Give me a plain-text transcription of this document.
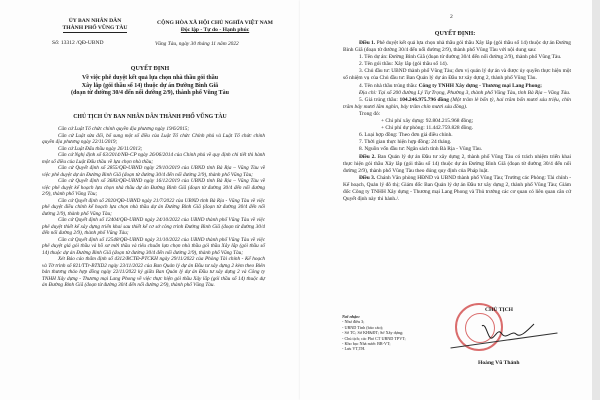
ỦY BAN NHÂN DÂN
THÀNH PHỐ VŨNG TÀU
Số: 13312 /QĐ-UBND
CỘNG HÒA XÃ HỘI CHỦ NGHĨA VIỆT NAM
Độc lập - Tự do - Hạnh phúc
Vũng Tàu, ngày 30 tháng 11 năm 2022
QUYẾT ĐỊNH
Về việc phê duyệt kết quả lựa chọn nhà thầu gói thầu
Xây lắp (gói thầu số 14) thuộc dự án Đường Bình Giã
(đoạn từ đường 30/4 đến nối đường 2/9), thành phố Vũng Tàu
CHỦ TỊCH ỦY BAN NHÂN DÂN THÀNH PHỐ VŨNG TÀU

Căn cứ Luật Tổ chức chính quyền địa phương ngày 19/6/2015;

Căn cứ Luật sửa đổi, bổ sung một số điều của Luật Tổ chức Chính phủ và Luật Tổ chức chính quyền địa phương ngày 22/11/2019;

Căn cứ Luật Đấu thầu ngày 26/11/2013;

Căn cứ Nghị định số 63/2014/NĐ-CP ngày 26/06/2014 của Chính phủ về quy định chi tiết thi hành một số điều của Luật Đấu thầu về lựa chọn nhà thầu;

Căn cứ Quyết định số 2855/QĐ-UBND ngày 29/10/2019 của UBND tỉnh Bà Rịa – Vũng Tàu về việc phê duyệt dự án Đường Bình Giã (đoạn từ đường 30/4 đến nối đường 2/9), thành phố Vũng Tàu;

Căn cứ Quyết định số 3683/QĐ-UBND ngày 16/12/2019 của UBND tỉnh Bà Rịa – Vũng Tàu về việc phê duyệt kế hoạch lựa chọn nhà thầu dự án Đường Bình Giã (đoạn từ đường 30/4 đến nối đường 2/9), thành phố Vũng Tàu;

Căn cứ Quyết định số 2020/QĐ-UBND ngày 21/7/2022 của UBND tỉnh Bà Rịa - Vũng Tàu về việc phê duyệt điều chỉnh kế hoạch lựa chọn nhà thầu dự án Đường Bình Giã (đoạn từ đường 30/4 đến nối đường 2/9), thành phố Vũng Tàu;

Căn cứ Quyết định số 12404/QĐ-UBND ngày 24/10/2022 của UBND thành phố Vũng Tàu về việc phê duyệt thiết kế xây dựng triển khai sau thiết kế cơ sở công trình Đường Bình Giã (đoạn từ đường 30/4 đến nối đường 2/9), thành phố Vũng Tàu;

Căn cứ Quyết định số 12548/QĐ-UBND ngày 31/10/2022 của UBND thành phố Vũng Tàu về việc phê duyệt giá gói thầu và hồ sơ mời thầu và tiêu chuẩn lựa chọn nhà thầu gói thầu Xây lắp (gói thầu số 14) thuộc dự án Đường Bình Giã (đoạn từ đường 30/4 đến nối đường 2/9), thành phố Vũng Tàu;

Xét Báo cáo thẩm định số 4312/BCTĐ-PTCKH ngày 29/11/2022 của Phòng Tài chính - Kế hoạch và Tờ trình số 821/TTr-BTXD2 ngày 23/11/2022 của Ban Quản lý dự án Đầu tư xây dựng 2 kèm theo Biên bản thương thảo hợp đồng ngày 22/11/2022 ký giữa Ban Quản lý dự án Đầu tư xây dựng 2 và Công ty TNHH Xây dựng - Thương mại Lang Phong về việc thực hiện gói thầu Xây lắp (gói thầu số 14) thuộc dự án Đường Bình Giã (đoạn từ đường 30/4 đến nối đường 2/9), thành phố Vũng Tàu.

2
QUYẾT ĐỊNH:

Điều 1. Phê duyệt kết quả lựa chọn nhà thầu gói thầu Xây lắp (gói thầu số 14) thuộc dự án Đường Bình Giã (đoạn từ đường 30/4 đến nối đường 2/9), thành phố Vũng Tàu với nội dung sau:

1. Tên dự án: Đường Bình Giã (đoạn từ đường 30/4 đến nối đường 2/9), thành phố Vũng Tàu.

2. Tên gói thầu: Xây lắp (gói thầu số 14).

3. Chủ đầu tư: UBND thành phố Vũng Tàu; đơn vị quản lý dự án và được ủy quyền thực hiện một số nhiệm vụ của Chủ đầu tư: Ban Quản lý dự án Đầu tư xây dựng 2, thành phố Vũng Tàu.

4. Tên nhà thầu trúng thầu: Công ty TNHH Xây dựng - Thương mại Lang Phong;

Địa chỉ: Tại số 200 đường Lý Tự Trọng, Phường 3, thành phố Vũng Tàu, tỉnh Bà Rịa – Vũng Tàu.

5. Giá trúng thầu: 104.246.975.796 đồng (Một trăm lẻ bốn tỷ, hai trăm bốn mươi sáu triệu, chín trăm bảy mươi lăm nghìn, bảy trăm chín mươi sáu đồng).

Trong đó:

+ Chi phí xây dựng: 92.804.215.968 đồng;

+ Chi phí dự phòng: 11.442.759.828 đồng.

6. Loại hợp đồng: Theo đơn giá điều chỉnh.

7. Thời gian thực hiện hợp đồng: 24 tháng.

8. Nguồn vốn đầu tư: Ngân sách tỉnh Bà Rịa - Vũng Tàu.

Điều 2. Ban Quản lý dự án Đầu tư xây dựng 2, thành phố Vũng Tàu có trách nhiệm triển khai thực hiện gói thầu Xây lắp (gói thầu số 14) thuộc dự án Đường Bình Giã (đoạn từ đường 30/4 đến nối đường 2/9), thành phố Vũng Tàu theo đúng quy định của Pháp luật.

Điều 3. Chánh Văn phòng HĐND và UBND thành phố Vũng Tàu; Trưởng các Phòng: Tài chính - Kế hoạch, Quản lý đô thị; Giám đốc Ban Quản lý dự án Đầu tư xây dựng 2, thành phố Vũng Tàu; Giám đốc Công ty TNHH Xây dựng - Thương mại Lang Phong và Thủ trưởng các cơ quan có liên quan căn cứ Quyết định này thi hành./.

Nơi nhận:
- Như điều 3;
- UBND Tỉnh (báo cáo);
- Sở TC; Sở KH&ĐT; Sở Xây dựng;
- Chủ tịch; các Phó CT UBND TPVT;
- Kho bạc Nhà nước BR-VT;
- Lưu VT,TH.
CHỦ TỊCH
Hoàng Vũ Thảnh
